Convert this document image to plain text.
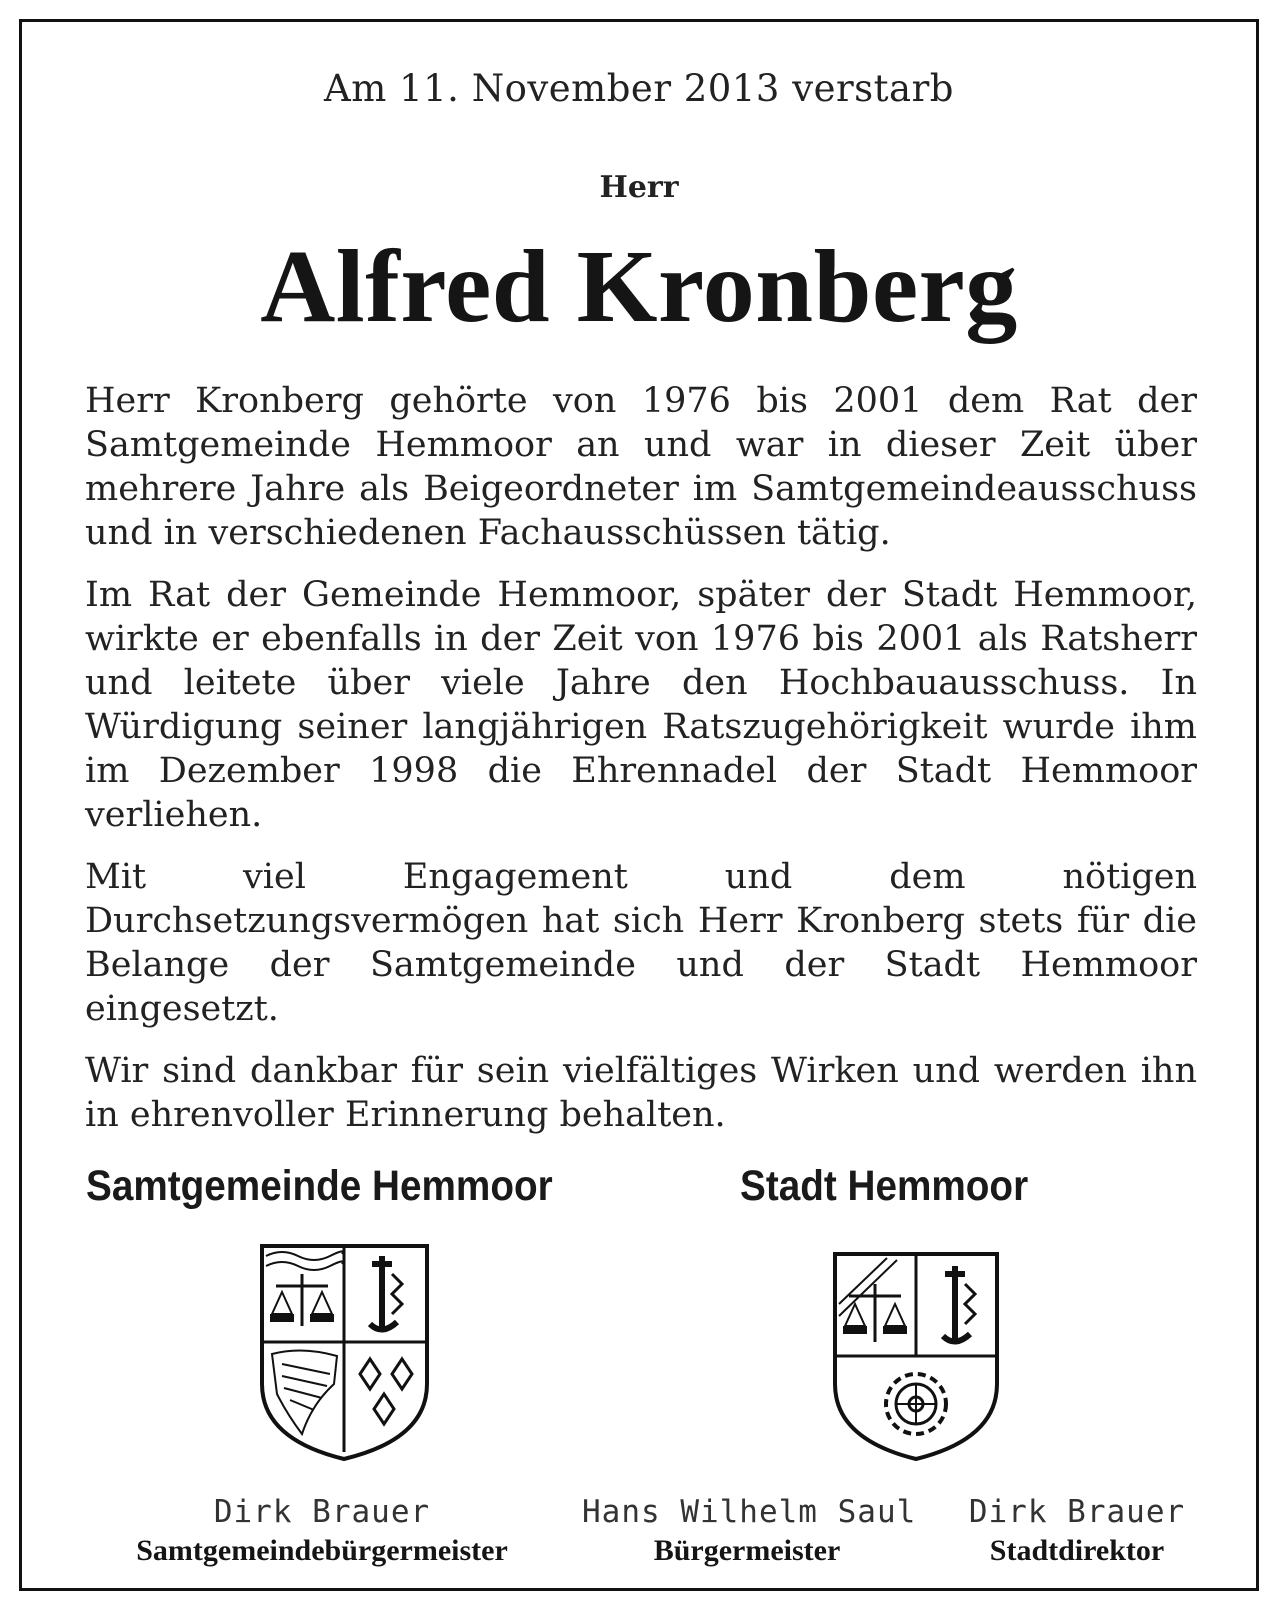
Am 11. November 2013 verstarb
Herr
Alfred Kronberg

Herr Kronberg gehörte von 1976 bis 2001 dem Rat der Samtgemeinde Hemmoor an und war in dieser Zeit über mehrere Jahre als Beigeordneter im Samtgemeindeausschuss und in verschiedenen Fachausschüssen tätig.

Im Rat der Gemeinde Hemmoor, später der Stadt Hemmoor, wirkte er ebenfalls in der Zeit von 1976 bis 2001 als Ratsherr und leitete über viele Jahre den Hochbauausschuss. In Würdigung seiner langjährigen Ratszugehörigkeit wurde ihm im Dezember 1998 die Ehrennadel der Stadt Hemmoor verliehen.

Mit viel Engagement und dem nötigen Durchsetzungsvermögen hat sich Herr Kronberg stets für die Belange der Samtgemeinde und der Stadt Hemmoor eingesetzt.

Wir sind dankbar für sein vielfältiges Wirken und werden ihn in ehrenvoller Erinnerung behalten.

Samtgemeinde Hemmoor	Stadt Hemmoor
Dirk Brauer
Samtgemeindebürgermeister
Hans Wilhelm Saul
Bürgermeister
Dirk Brauer
Stadtdirektor
